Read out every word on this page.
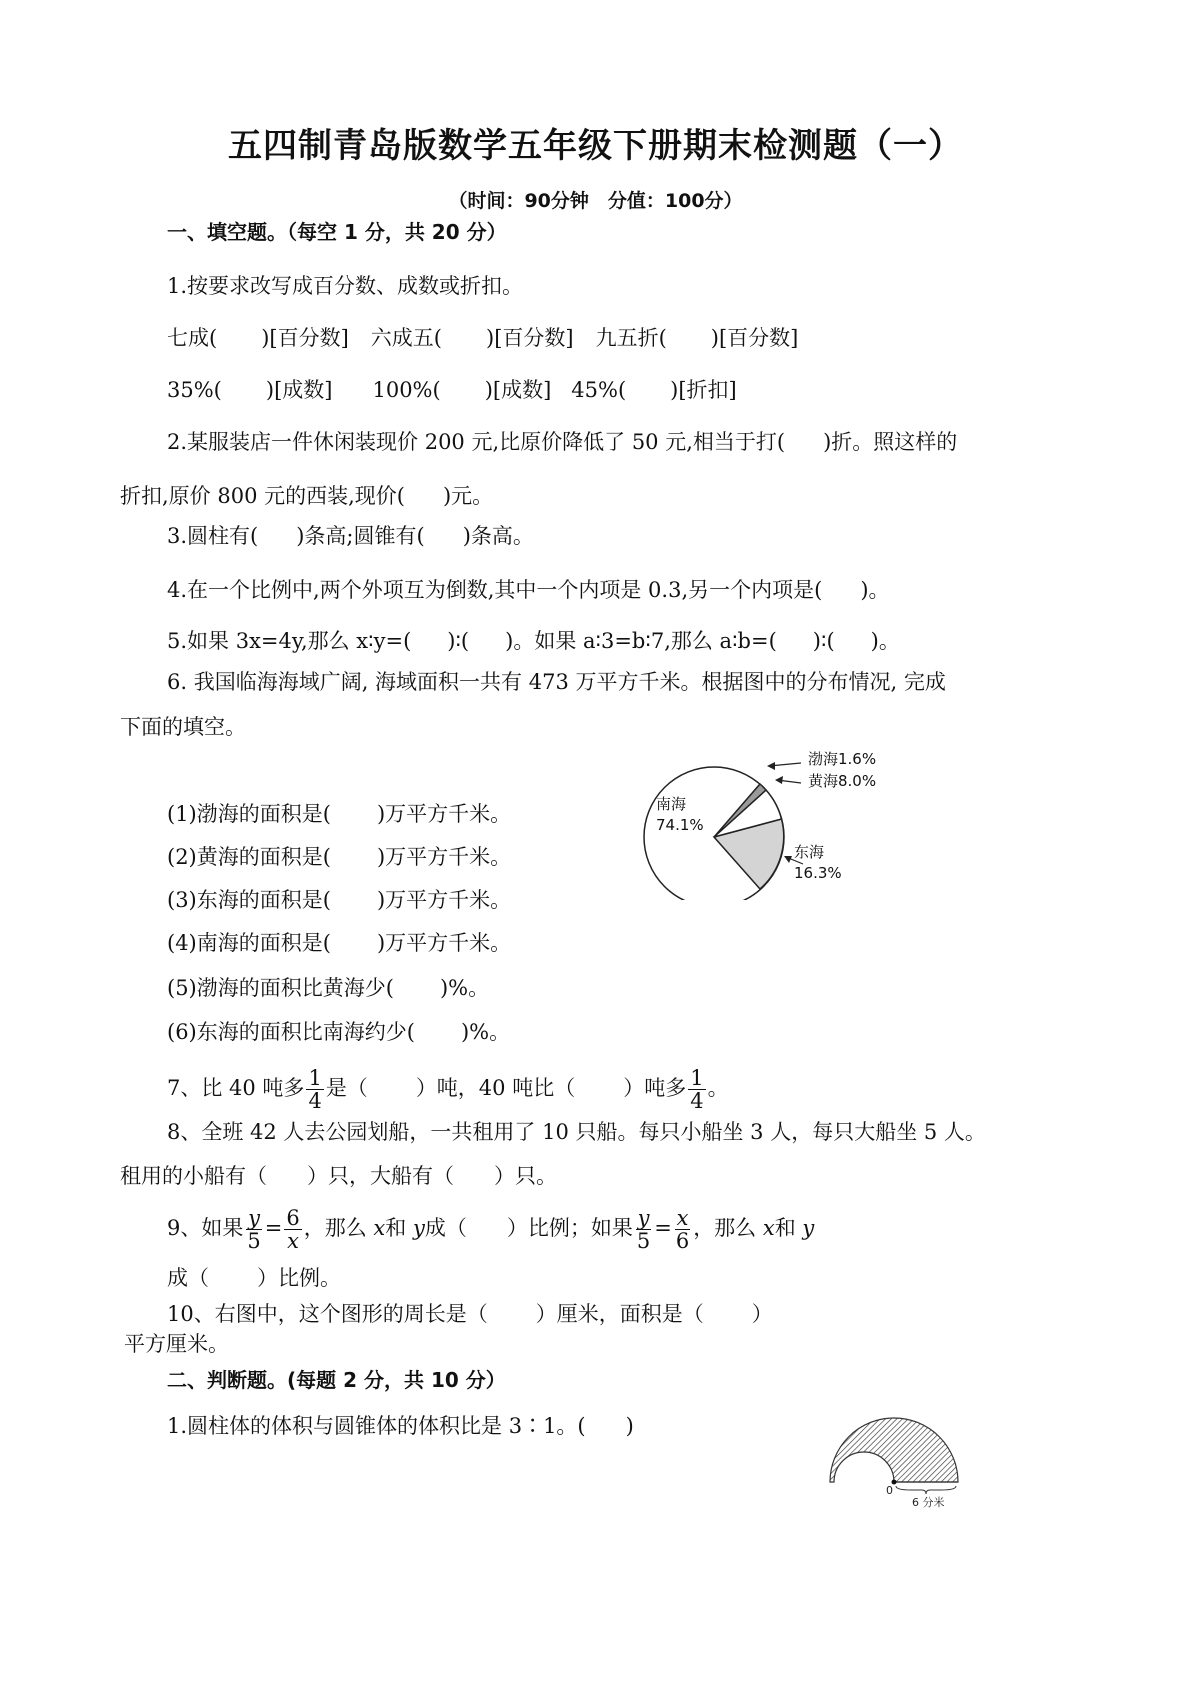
五四制青岛版数学五年级下册期末检测题（一）
（时间：90分钟　分值：100分）
一、填空题。（每空 1 分，共 20 分）
1.按要求改写成百分数、成数或折扣。
七成( )[百分数] 六成五( )[百分数] 九五折( )[百分数]
35%( )[成数] 100%( )[成数] 45%( )[折扣]
2.某服装店一件休闲装现价 200 元,比原价降低了 50 元,相当于打( )折。照这样的
折扣,原价 800 元的西装,现价( )元。
3.圆柱有( )条高;圆锥有( )条高。
4.在一个比例中,两个外项互为倒数,其中一个内项是 0.3,另一个内项是( )。
5.如果 3x=4y,那么 x∶y=( )∶( )。如果 a∶3=b∶7,那么 a∶b=( )∶( )。
6. 我国临海海域广阔, 海域面积一共有 473 万平方千米。根据图中的分布情况, 完成
下面的填空。
(1)渤海的面积是( )万平方千米。
(2)黄海的面积是( )万平方千米。
(3)东海的面积是( )万平方千米。
(4)南海的面积是( )万平方千米。
(5)渤海的面积比黄海少( )%。
(6)东海的面积比南海约少( )%。
渤海1.6%
黄海8.0%
南海
74.1%
东海
16.3%
7、比 40 吨多 $\frac{1}{4}$ 是（ ）吨，40 吨比（ ）吨多 $\frac{1}{4}$ 。
8、全班 42 人去公园划船，一共租用了 10 只船。每只小船坐 3 人，每只大船坐 5 人。
租用的小船有（ ）只，大船有（ ）只。
9、如果 $\frac{y}{5} = \frac{6}{x}$ ，那么 x和 y成（ ）比例；如果 $\frac{y}{5} = \frac{x}{6}$ ，那么 x和 y
成（ ）比例。
10、右图中，这个图形的周长是（ ）厘米，面积是（ ）
平方厘米。
0
6 分米
二、判断题。(每题 2 分，共 10 分）
1.圆柱体的体积与圆锥体的体积比是 3∶1。( )
